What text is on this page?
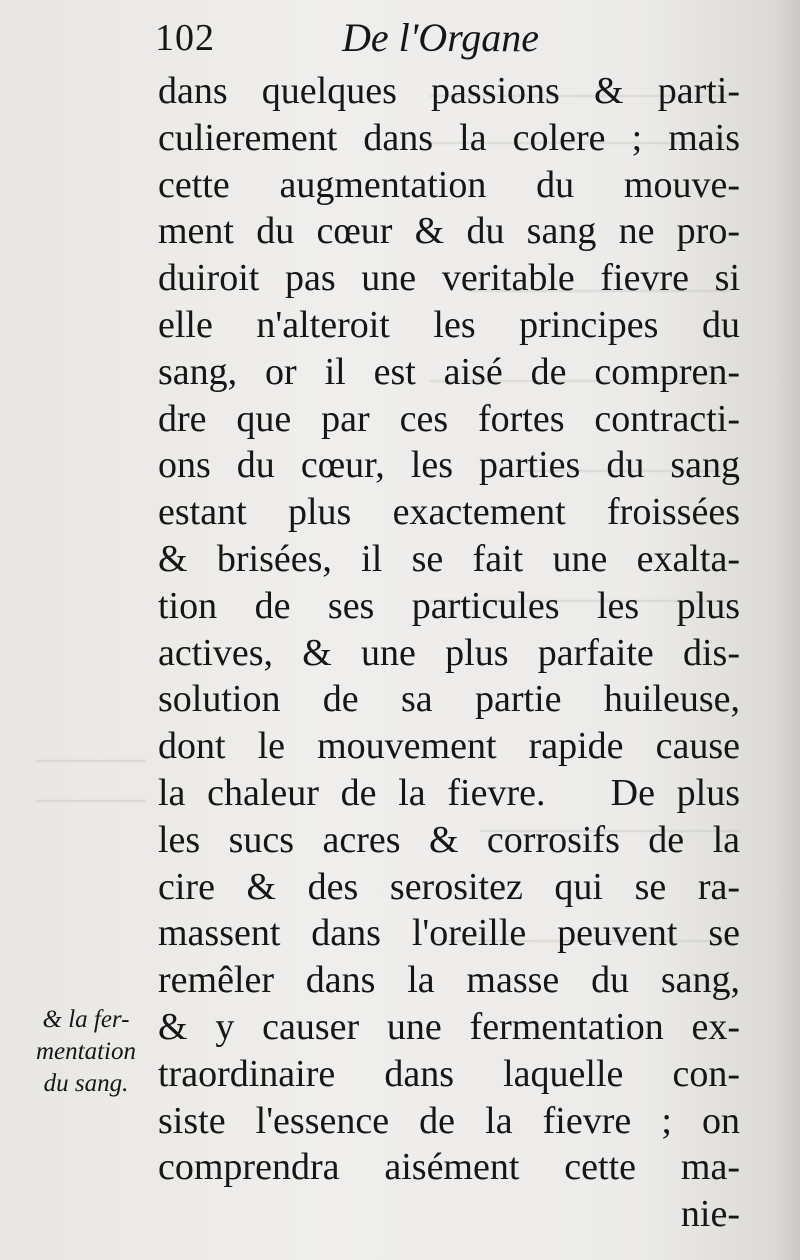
102	De l'Organe
dans quelques passions & parti-
culierement dans la colere ; mais
cette augmentation du mouve-
ment du cœur & du sang ne pro-
duiroit pas une veritable fievre si
elle n'alteroit les principes du
sang, or il est aisé de compren-
dre que par ces fortes contracti-
ons du cœur, les parties du sang
estant plus exactement froissées
& brisées, il se fait une exalta-
tion de ses particules les plus
actives, & une plus parfaite dis-
solution de sa partie huileuse,
dont le mouvement rapide cause
la chaleur de la fievre. De plus
les sucs acres & corrosifs de la
cire & des serositez qui se ra-
massent dans l'oreille peuvent se
remêler dans la masse du sang,
& y causer une fermentation ex-
traordinaire dans laquelle con-
siste l'essence de la fievre ; on
comprendra aisément cette ma-
nie-
& la fer-
mentation
du sang.
